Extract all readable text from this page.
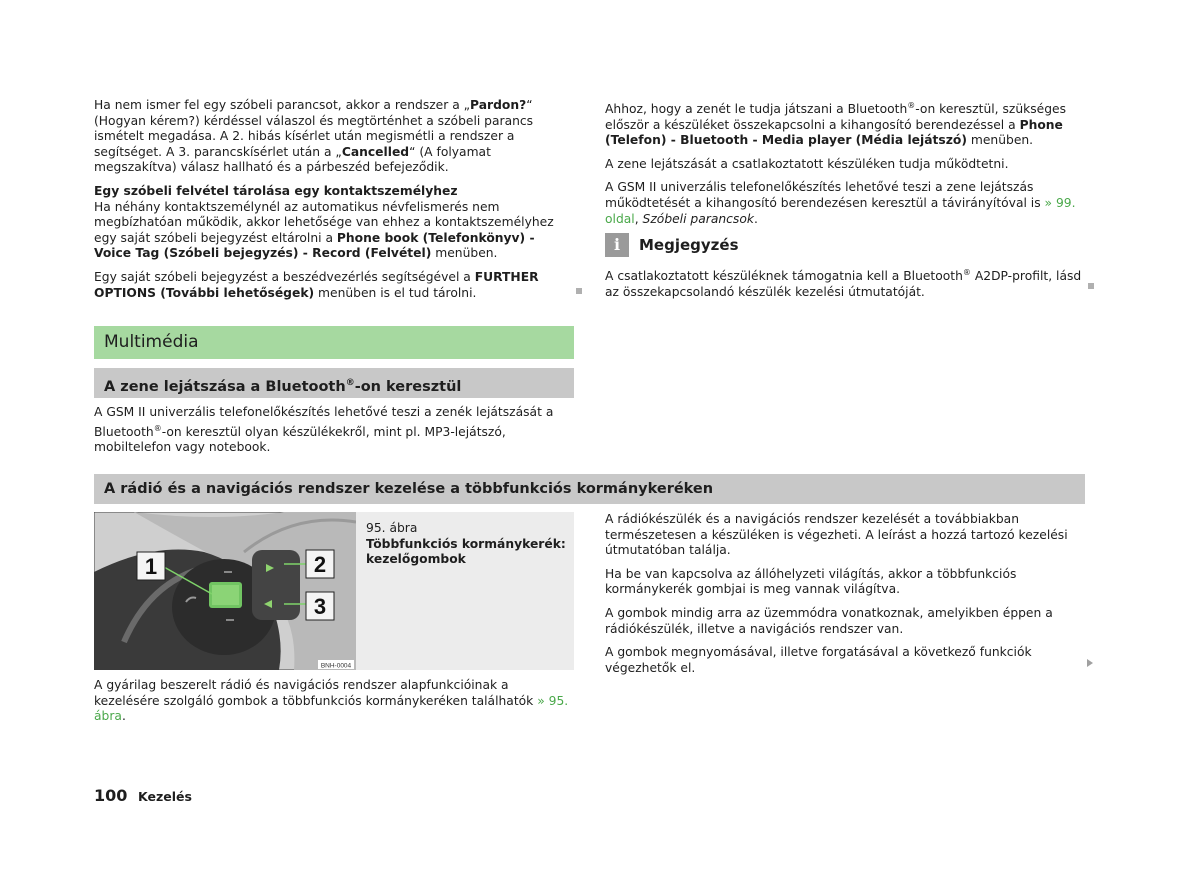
Ha nem ismer fel egy szóbeli parancsot, akkor a rendszer a „Pardon?“ (Hogyan kérem?) kérdéssel válaszol és megtörténhet a szóbeli parancs ismételt megadása. A 2. hibás kísérlet után megismétli a rendszer a segítséget. A 3. parancskísérlet után a „Cancelled“ (A folyamat megszakítva) válasz hallható és a párbeszéd befejeződik.

Egy szóbeli felvétel tárolása egy kontaktszemélyhez

Ha néhány kontaktszemélynél az automatikus névfelismerés nem megbízhatóan működik, akkor lehetősége van ehhez a kontaktszemélyhez egy saját szóbeli bejegyzést eltárolni a Phone book (Telefonkönyv) - Voice Tag (Szóbeli bejegyzés) - Record (Felvétel) menüben.

Egy saját szóbeli bejegyzést a beszédvezérlés segítségével a FURTHER OPTIONS (További lehetőségek) menüben is el tud tárolni.

Multimédia
A zene lejátszása a Bluetooth®-on keresztül

A GSM II univerzális telefonelőkészítés lehetővé teszi a zenék lejátszását a Bluetooth®-on keresztül olyan készülékekről, mint pl. MP3-lejátszó, mobiltelefon vagy notebook.

Ahhoz, hogy a zenét le tudja játszani a Bluetooth®-on keresztül, szükséges először a készüléket összekapcsolni a kihangosító berendezéssel a Phone (Telefon) - Bluetooth - Media player (Média lejátszó) menüben.

A zene lejátszását a csatlakoztatott készüléken tudja működtetni.

A GSM II univerzális telefonelőkészítés lehetővé teszi a zene lejátszás működtetését a kihangosító berendezésen keresztül a távirányítóval is » 99. oldal, Szóbeli parancsok.

i	Megjegyzés

A csatlakoztatott készüléknek támogatnia kell a Bluetooth® A2DP-profilt, lásd az összekapcsolandó készülék kezelési útmutatóját.

A rádió és a navigációs rendszer kezelése a többfunkciós kormánykeréken
1	2
3
BNH-0004
95. ábra
Többfunkciós kormánykerék: kezelőgombok

A gyárilag beszerelt rádió és navigációs rendszer alapfunkcióinak a kezelésére szolgáló gombok a többfunkciós kormánykeréken találhatók » 95. ábra.

A rádiókészülék és a navigációs rendszer kezelését a továbbiakban természetesen a készüléken is végezheti. A leírást a hozzá tartozó kezelési útmutatóban találja.

Ha be van kapcsolva az állóhelyzeti világítás, akkor a többfunkciós kormánykerék gombjai is meg vannak világítva.

A gombok mindig arra az üzemmódra vonatkoznak, amelyikben éppen a rádiókészülék, illetve a navigációs rendszer van.

A gombok megnyomásával, illetve forgatásával a következő funkciók végezhetők el.

100 Kezelés
